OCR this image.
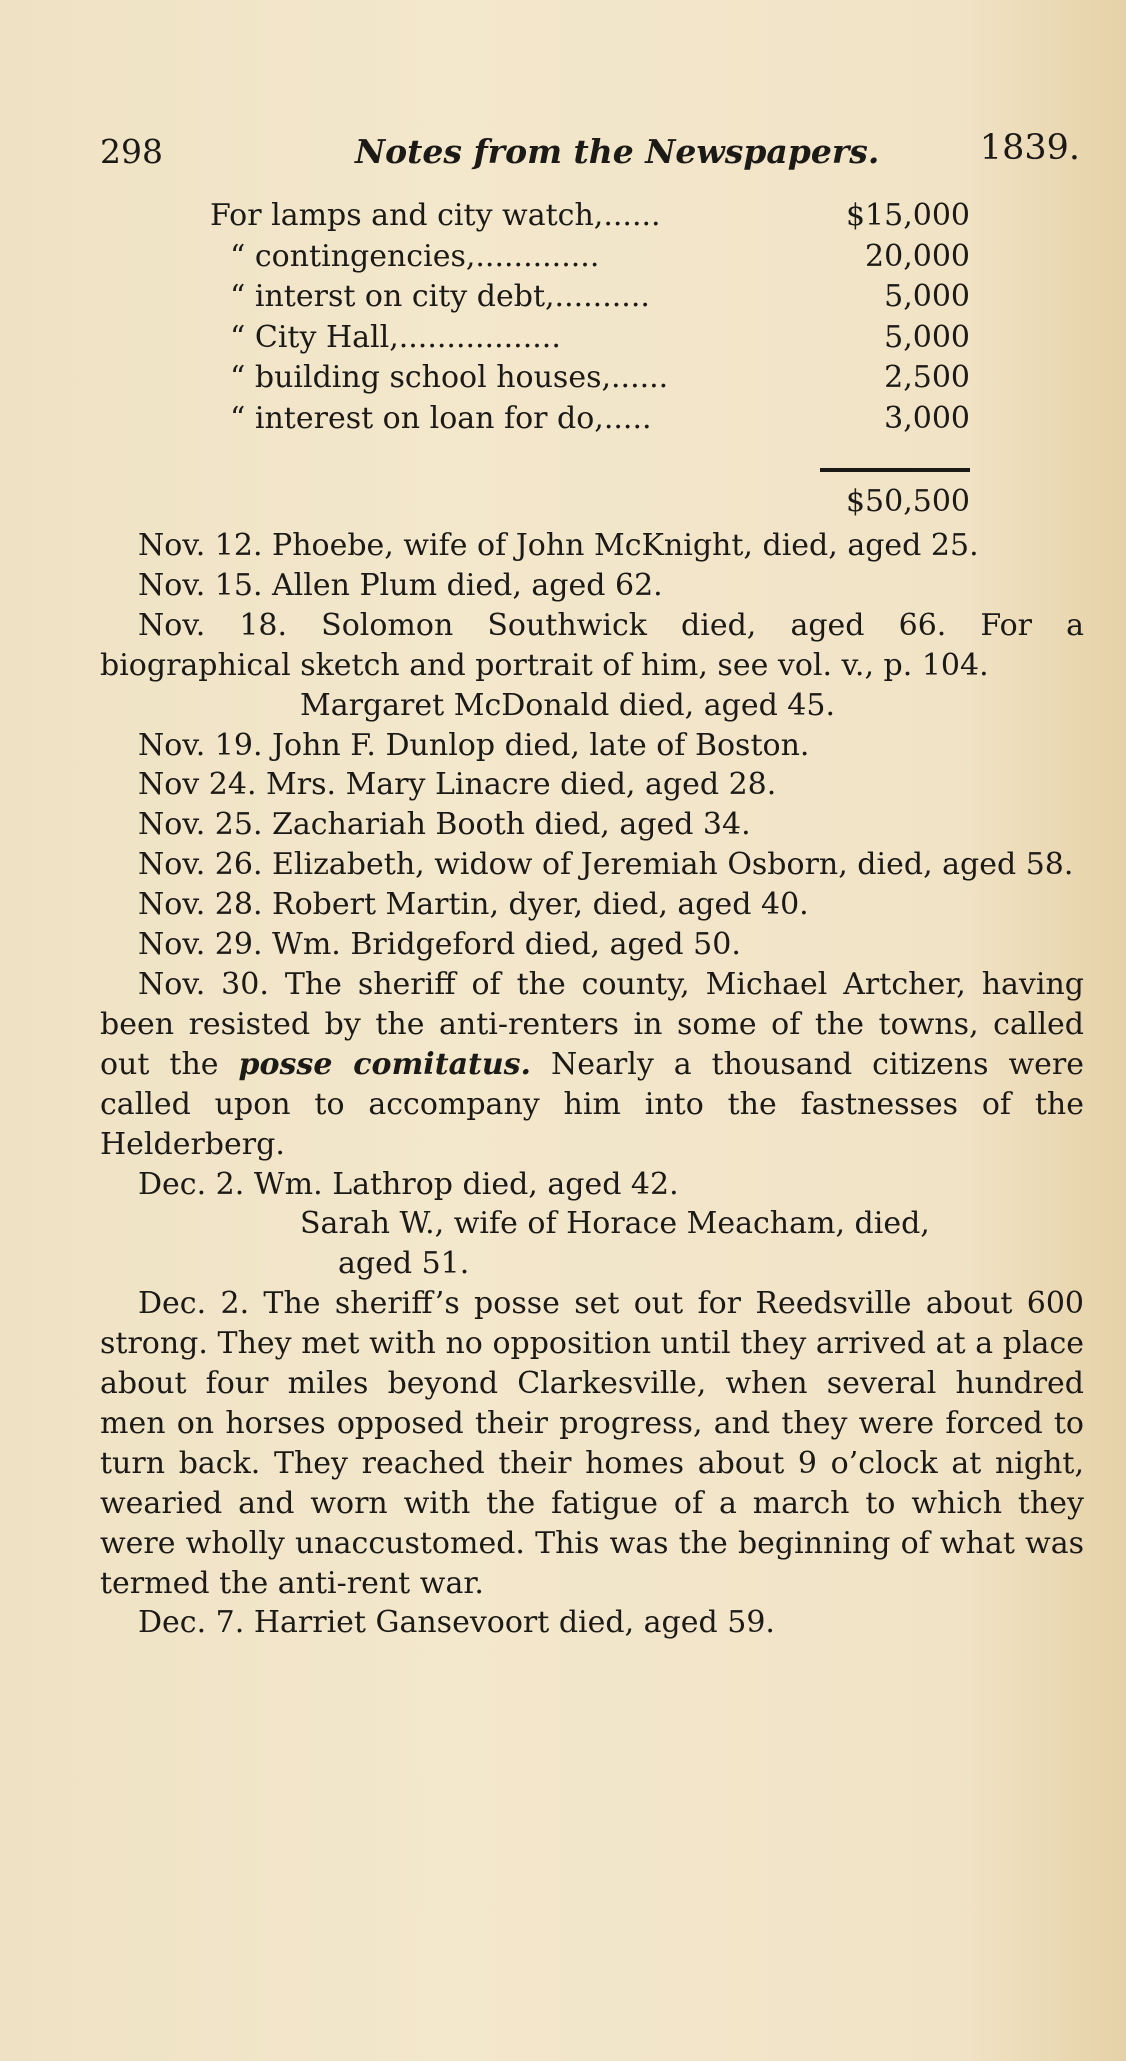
298	Notes from the Newspapers.	1839.
For lamps and city watch,......	$15,000
“ contingencies,.............	20,000
“ interst on city debt,..........	5,000
“ City Hall,.................	5,000
“ building school houses,......	2,500
“ interest on loan for do,.....	3,000
$50,500

Nov. 12. Phoebe, wife of John McKnight, died, aged 25.

Nov. 15. Allen Plum died, aged 62.

Nov. 18. Solomon Southwick died, aged 66. For a biographical sketch and portrait of him, see vol. v., p. 104.

Margaret McDonald died, aged 45.

Nov. 19. John F. Dunlop died, late of Boston.

Nov 24. Mrs. Mary Linacre died, aged 28.

Nov. 25. Zachariah Booth died, aged 34.

Nov. 26. Elizabeth, widow of Jeremiah Osborn, died, aged 58.

Nov. 28. Robert Martin, dyer, died, aged 40.

Nov. 29. Wm. Bridgeford died, aged 50.

Nov. 30. The sheriff of the county, Michael Artcher, having been resisted by the anti-renters in some of the towns, called out the posse comitatus. Nearly a thousand citizens were called upon to accompany him into the fastnesses of the Helderberg.

Dec. 2. Wm. Lathrop died, aged 42.

Sarah W., wife of Horace Meacham, died,
aged 51.

Dec. 2. The sheriff’s posse set out for Reedsville about 600 strong. They met with no opposition until they arrived at a place about four miles beyond Clarkesville, when several hundred men on horses opposed their progress, and they were forced to turn back. They reached their homes about 9 o’clock at night, wearied and worn with the fatigue of a march to which they were wholly unaccustomed. This was the beginning of what was termed the anti-rent war.

Dec. 7. Harriet Gansevoort died, aged 59.
